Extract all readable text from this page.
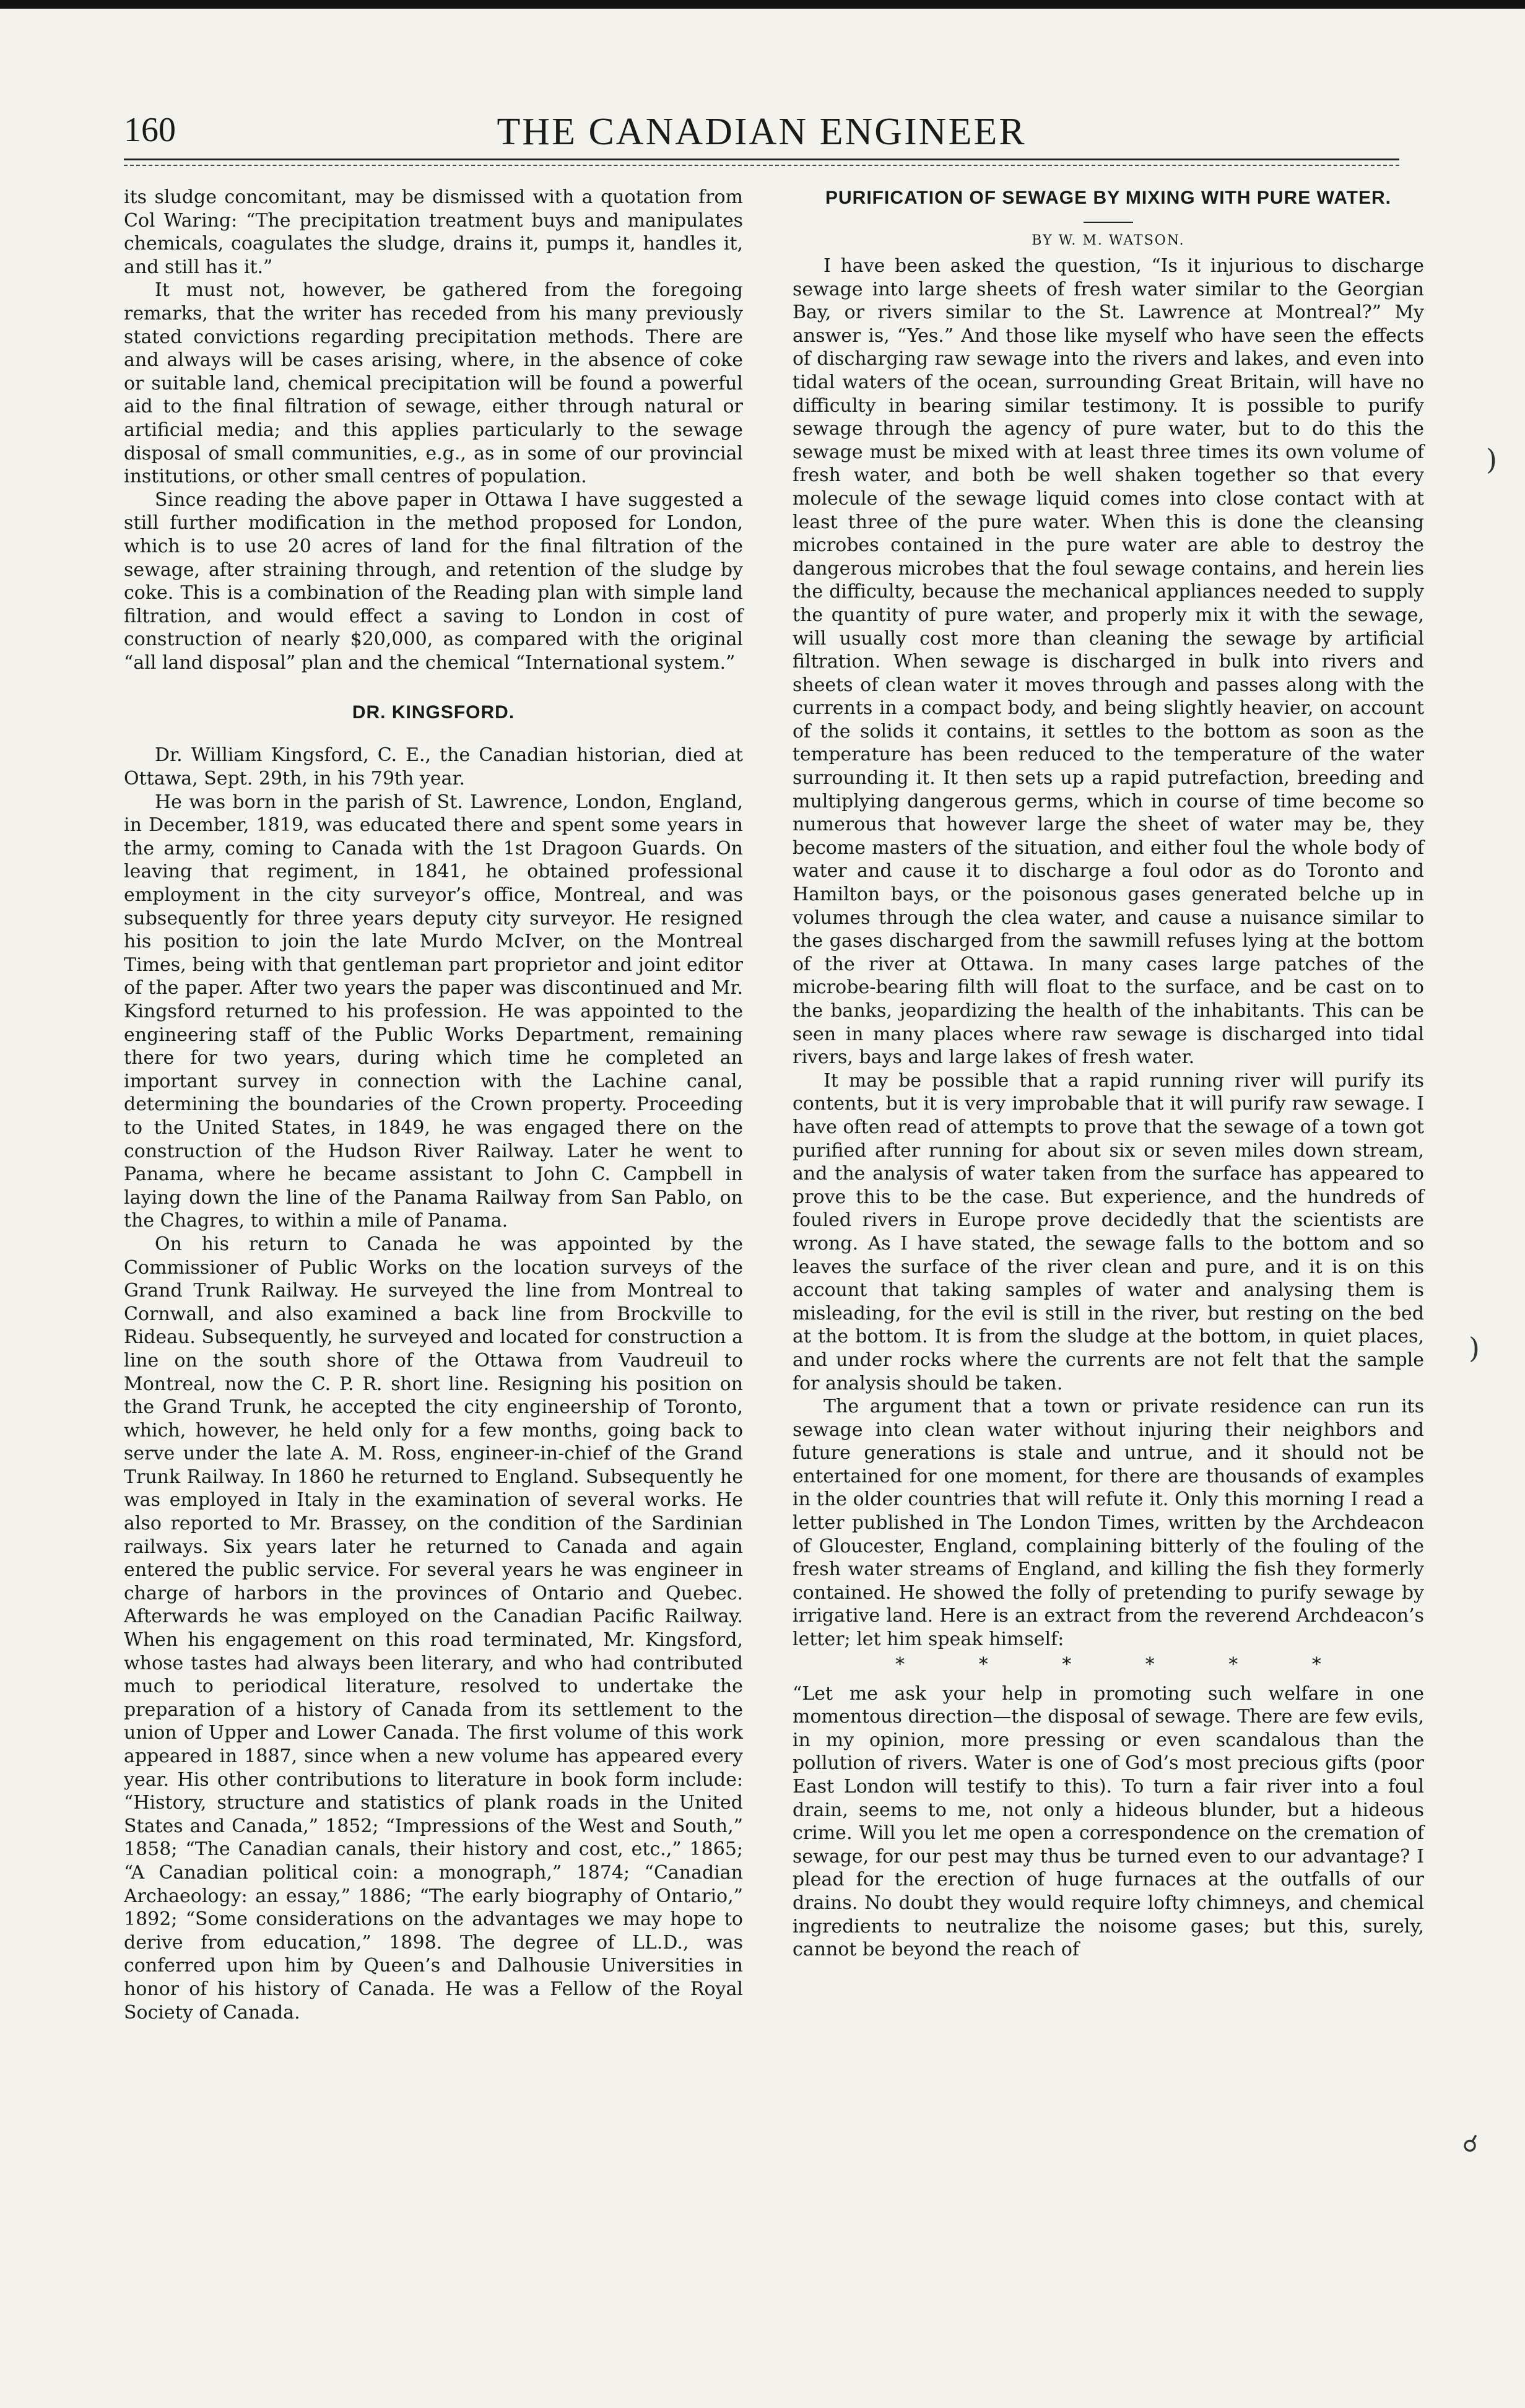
160	THE CANADIAN ENGINEER

its sludge concomitant, may be dismissed with a quotation from Col Waring: “The precipitation treatment buys and manipulates chemicals, coagulates the sludge, drains it, pumps it, handles it, and still has it.”

It must not, however, be gathered from the foregoing remarks, that the writer has receded from his many previously stated convictions regarding precipitation methods. There are and always will be cases arising, where, in the absence of coke or suitable land, chemical precipitation will be found a powerful aid to the final filtration of sewage, either through natural or artificial media; and this applies particularly to the sewage disposal of small communities, e.g., as in some of our provincial institutions, or other small centres of population.

Since reading the above paper in Ottawa I have suggested a still further modification in the method proposed for London, which is to use 20 acres of land for the final filtration of the sewage, after straining through, and retention of the sludge by coke. This is a combination of the Reading plan with simple land filtration, and would effect a saving to London in cost of construction of nearly $20,000, as compared with the original “all land disposal” plan and the chemical “International system.”

DR. KINGSFORD.

Dr. William Kingsford, C. E., the Canadian historian, died at Ottawa, Sept. 29th, in his 79th year.

He was born in the parish of St. Lawrence, London, England, in December, 1819, was educated there and spent some years in the army, coming to Canada with the 1st Dragoon Guards. On leaving that regiment, in 1841, he obtained professional employment in the city surveyor’s office, Montreal, and was subsequently for three years deputy city surveyor. He resigned his position to join the late Murdo McIver, on the Montreal Times, being with that gentleman part proprietor and joint editor of the paper. After two years the paper was discontinued and Mr. Kingsford returned to his profession. He was appointed to the engineering staff of the Public Works Department, remaining there for two years, during which time he completed an important survey in connection with the Lachine canal, determining the boundaries of the Crown property. Proceeding to the United States, in 1849, he was engaged there on the construction of the Hudson River Railway. Later he went to Panama, where he became assistant to John C. Campbell in laying down the line of the Panama Railway from San Pablo, on the Chagres, to within a mile of Panama.

On his return to Canada he was appointed by the Commissioner of Public Works on the location surveys of the Grand Trunk Railway. He surveyed the line from Montreal to Cornwall, and also examined a back line from Brockville to Rideau. Subsequently, he surveyed and located for construction a line on the south shore of the Ottawa from Vaudreuil to Montreal, now the C. P. R. short line. Resigning his position on the Grand Trunk, he accepted the city engineership of Toronto, which, however, he held only for a few months, going back to serve under the late A. M. Ross, engineer-in-chief of the Grand Trunk Railway. In 1860 he returned to England. Subsequently he was employed in Italy in the examination of several works. He also reported to Mr. Brassey, on the condition of the Sardinian railways. Six years later he returned to Canada and again entered the public service. For several years he was engineer in charge of harbors in the provinces of Ontario and Quebec. Afterwards he was employed on the Canadian Pacific Railway. When his engagement on this road terminated, Mr. Kingsford, whose tastes had always been literary, and who had contributed much to periodical literature, resolved to undertake the preparation of a history of Canada from its settlement to the union of Upper and Lower Canada. The first volume of this work appeared in 1887, since when a new volume has appeared every year. His other contributions to literature in book form include: “History, structure and statistics of plank roads in the United States and Canada,” 1852; “Impressions of the West and South,” 1858; “The Canadian canals, their history and cost, etc.,” 1865; “A Canadian political coin: a monograph,” 1874; “Canadian Archaeology: an essay,” 1886; “The early biography of Ontario,” 1892; “Some considerations on the advantages we may hope to derive from education,” 1898. The degree of LL.D., was conferred upon him by Queen’s and Dalhousie Universities in honor of his history of Canada. He was a Fellow of the Royal Society of Canada.

PURIFICATION OF SEWAGE BY MIXING WITH PURE WATER.
BY W. M. WATSON.

I have been asked the question, “Is it injurious to discharge sewage into large sheets of fresh water similar to the Georgian Bay, or rivers similar to the St. Lawrence at Montreal?” My answer is, “Yes.” And those like myself who have seen the effects of discharging raw sewage into the rivers and lakes, and even into tidal waters of the ocean, surrounding Great Britain, will have no difficulty in bearing similar testimony. It is possible to purify sewage through the agency of pure water, but to do this the sewage must be mixed with at least three times its own volume of fresh water, and both be well shaken together so that every molecule of the sewage liquid comes into close contact with at least three of the pure water. When this is done the cleansing microbes contained in the pure water are able to destroy the dangerous microbes that the foul sewage contains, and herein lies the difficulty, because the mechanical appliances needed to supply the quantity of pure water, and properly mix it with the sewage, will usually cost more than cleaning the sewage by artificial filtration. When sewage is discharged in bulk into rivers and sheets of clean water it moves through and passes along with the currents in a compact body, and being slightly heavier, on account of the solids it contains, it settles to the bottom as soon as the temperature has been reduced to the temperature of the water surrounding it. It then sets up a rapid putrefaction, breeding and multiplying dangerous germs, which in course of time become so numerous that however large the sheet of water may be, they become masters of the situation, and either foul the whole body of water and cause it to discharge a foul odor as do Toronto and Hamilton bays, or the poisonous gases generated belche up in volumes through the clea water, and cause a nuisance similar to the gases discharged from the sawmill refuses lying at the bottom of the river at Ottawa. In many cases large patches of the microbe-bearing filth will float to the surface, and be cast on to the banks, jeopardizing the health of the inhabitants. This can be seen in many places where raw sewage is discharged into tidal rivers, bays and large lakes of fresh water.

It may be possible that a rapid running river will purify its contents, but it is very improbable that it will purify raw sewage. I have often read of attempts to prove that the sewage of a town got purified after running for about six or seven miles down stream, and the analysis of water taken from the surface has appeared to prove this to be the case. But experience, and the hundreds of fouled rivers in Europe prove decidedly that the scientists are wrong. As I have stated, the sewage falls to the bottom and so leaves the surface of the river clean and pure, and it is on this account that taking samples of water and analysing them is misleading, for the evil is still in the river, but resting on the bed at the bottom. It is from the sludge at the bottom, in quiet places, and under rocks where the currents are not felt that the sample for analysis should be taken.

The argument that a town or private residence can run its sewage into clean water without injuring their neighbors and future generations is stale and untrue, and it should not be entertained for one moment, for there are thousands of examples in the older countries that will refute it. Only this morning I read a letter published in The London Times, written by the Archdeacon of Gloucester, England, complaining bitterly of the fouling of the fresh water streams of England, and killing the fish they formerly contained. He showed the folly of pretending to purify sewage by irrigative land. Here is an extract from the reverend Archdeacon’s letter; let him speak himself:

* * * * * *

“Let me ask your help in promoting such welfare in one momentous direction—the disposal of sewage. There are few evils, in my opinion, more pressing or even scandalous than the pollution of rivers. Water is one of God’s most precious gifts (poor East London will testify to this). To turn a fair river into a foul drain, seems to me, not only a hideous blunder, but a hideous crime. Will you let me open a correspondence on the cremation of sewage, for our pest may thus be turned even to our advantage? I plead for the erection of huge furnaces at the outfalls of our drains. No doubt they would require lofty chimneys, and chemical ingredients to neutralize the noisome gases; but this, surely, cannot be beyond the reach of

)
)
☌
